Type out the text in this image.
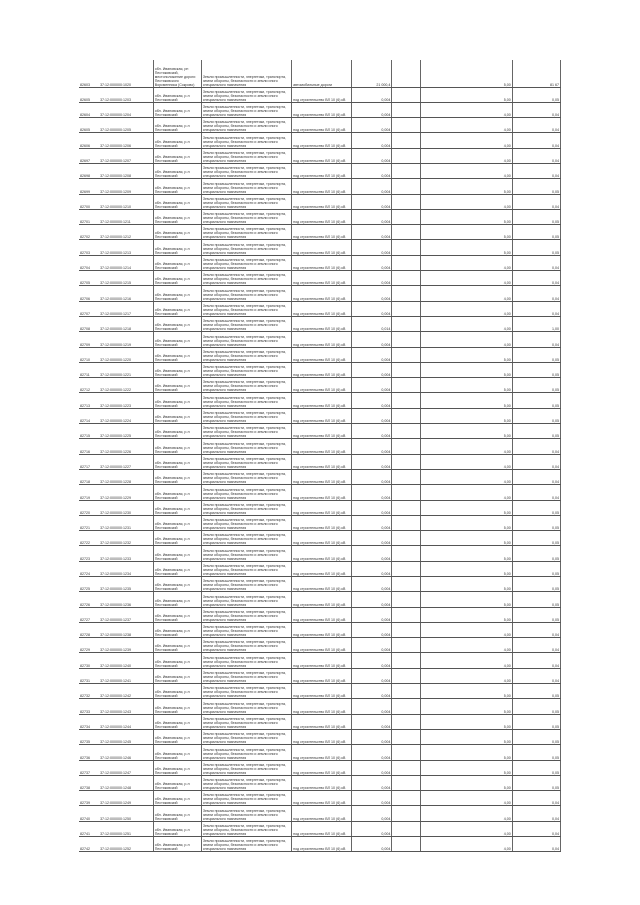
82603	37:12:000000:1020	обл. Ивановская, рн Пестяковский, местоположение дороги Пестяковского Ворсменника (Сокрово)	Земли промышленности, энергетики, транспорта, земли обороны, безопасности и земли иного специального назначения	автомобильные дороги	21 000,4		5,00	81 67
82605	37:12:000000:1203	обл. Ивановская, р-н Пестяковский	Земли промышленности, энергетики, транспорта, земли обороны, безопасности и земли иного специального назначения	под строительство ВЛ 10 (6) кВ	0,004		5,00	0,05
82604	37:12:000000:1204	обл. Ивановская, р-н Пестяковский	Земли промышленности, энергетики, транспорта, земли обороны, безопасности и земли иного специального назначения	под строительство ВЛ 10 (6) кВ	0,004		4,00	0,04
82605	37:12:000000:1205	обл. Ивановская, р-н Пестяковский	Земли промышленности, энергетики, транспорта, земли обороны, безопасности и земли иного специального назначения	под строительство ВЛ 10 (6) кВ	0,004		4,00	0,04
82606	37:12:000000:1206	обл. Ивановская, р-н Пестяковский	Земли промышленности, энергетики, транспорта, земли обороны, безопасности и земли иного специального назначения	под строительство ВЛ 10 (6) кВ	0,004		4,00	0,04
82697	37:12:000000:1207	обл. Ивановская, р-н Пестяковский	Земли промышленности, энергетики, транспорта, земли обороны, безопасности и земли иного специального назначения	под строительство ВЛ 10 (6) кВ	0,004		4,00	0,04
82698	37:12:000000:1208	обл. Ивановская, р-н Пестяковский	Земли промышленности, энергетики, транспорта, земли обороны, безопасности и земли иного специального назначения	под строительство ВЛ 10 (6) кВ	0,004		4,00	0,04
82699	37:12:000000:1209	обл. Ивановская, р-н Пестяковский	Земли промышленности, энергетики, транспорта, земли обороны, безопасности и земли иного специального назначения	под строительство ВЛ 10 (6) кВ	0,004		5,00	0,05
82700	37:12:000000:1210	обл. Ивановская, р-н Пестяковский	Земли промышленности, энергетики, транспорта, земли обороны, безопасности и земли иного специального назначения	под строительство ВЛ 10 (6) кВ	0,004		4,00	0,04
82701	37:12:000000:1211	обл. Ивановская, р-н Пестяковский	Земли промышленности, энергетики, транспорта, земли обороны, безопасности и земли иного специального назначения	под строительство ВЛ 10 (6) кВ	0,004		5,00	0,05
82702	37:12:000000:1212	обл. Ивановская, р-н Пестяковский	Земли промышленности, энергетики, транспорта, земли обороны, безопасности и земли иного специального назначения	под строительство ВЛ 10 (6) кВ	0,004		5,00	0,05
82703	37:12:000000:1213	обл. Ивановская, р-н Пестяковский	Земли промышленности, энергетики, транспорта, земли обороны, безопасности и земли иного специального назначения	под строительство ВЛ 10 (6) кВ	0,004		5,00	0,05
82704	37:12:000000:1214	обл. Ивановская, р-н Пестяковский	Земли промышленности, энергетики, транспорта, земли обороны, безопасности и земли иного специального назначения	под строительство ВЛ 10 (6) кВ	0,004		4,00	0,04
82705	37:12:000000:1215	обл. Ивановская, р-н Пестяковский	Земли промышленности, энергетики, транспорта, земли обороны, безопасности и земли иного специального назначения	под строительство ВЛ 10 (6) кВ	0,004		4,00	0,04
82706	37:12:000000:1216	обл. Ивановская, р-н Пестяковский	Земли промышленности, энергетики, транспорта, земли обороны, безопасности и земли иного специального назначения	под строительство ВЛ 10 (6) кВ	0,004		4,00	0,04
82707	37:12:000000:1217	обл. Ивановская, р-н Пестяковский	Земли промышленности, энергетики, транспорта, земли обороны, безопасности и земли иного специального назначения	под строительство ВЛ 10 (6) кВ	0,004		4,00	0,04
82708	37:12:000000:1218	обл. Ивановская, р-н Пестяковский	Земли промышленности, энергетики, транспорта, земли обороны, безопасности и земли иного специального назначения	под строительство ВЛ 10 (6) кВ	0,014		4,00	1,00
82709	37:12:000000:1219	обл. Ивановская, р-н Пестяковский	Земли промышленности, энергетики, транспорта, земли обороны, безопасности и земли иного специального назначения	под строительство ВЛ 10 (6) кВ	0,004		4,00	0,04
82710	37:12:000000:1220	обл. Ивановская, р-н Пестяковский	Земли промышленности, энергетики, транспорта, земли обороны, безопасности и земли иного специального назначения	под строительство ВЛ 10 (6) кВ	0,004		5,00	0,05
82711	37:12:000000:1221	обл. Ивановская, р-н Пестяковский	Земли промышленности, энергетики, транспорта, земли обороны, безопасности и земли иного специального назначения	под строительство ВЛ 10 (6) кВ	0,004		5,00	0,05
82712	37:12:000000:1222	обл. Ивановская, р-н Пестяковский	Земли промышленности, энергетики, транспорта, земли обороны, безопасности и земли иного специального назначения	под строительство ВЛ 10 (6) кВ	0,004		5,00	0,05
82713	37:12:000000:1223	обл. Ивановская, р-н Пестяковский	Земли промышленности, энергетики, транспорта, земли обороны, безопасности и земли иного специального назначения	под строительство ВЛ 10 (6) кВ	0,004		5,00	0,05
82714	37:12:000000:1224	обл. Ивановская, р-н Пестяковский	Земли промышленности, энергетики, транспорта, земли обороны, безопасности и земли иного специального назначения	под строительство ВЛ 10 (6) кВ	0,004		5,00	0,05
82715	37:12:000000:1225	обл. Ивановская, р-н Пестяковский	Земли промышленности, энергетики, транспорта, земли обороны, безопасности и земли иного специального назначения	под строительство ВЛ 10 (6) кВ	0,004		5,00	0,05
82716	37:12:000000:1226	обл. Ивановская, р-н Пестяковский	Земли промышленности, энергетики, транспорта, земли обороны, безопасности и земли иного специального назначения	под строительство ВЛ 10 (6) кВ	0,004		4,00	0,04
82717	37:12:000000:1227	обл. Ивановская, р-н Пестяковский	Земли промышленности, энергетики, транспорта, земли обороны, безопасности и земли иного специального назначения	под строительство ВЛ 10 (6) кВ	0,004		4,00	0,04
82718	37:12:000000:1228	обл. Ивановская, р-н Пестяковский	Земли промышленности, энергетики, транспорта, земли обороны, безопасности и земли иного специального назначения	под строительство ВЛ 10 (6) кВ	0,004		4,00	0,04
82719	37:12:000000:1229	обл. Ивановская, р-н Пестяковский	Земли промышленности, энергетики, транспорта, земли обороны, безопасности и земли иного специального назначения	под строительство ВЛ 10 (6) кВ	0,004		4,00	0,04
82720	37:12:000000:1230	обл. Ивановская, р-н Пестяковский	Земли промышленности, энергетики, транспорта, земли обороны, безопасности и земли иного специального назначения	под строительство ВЛ 10 (6) кВ	0,004		5,00	0,05
82721	37:12:000000:1231	обл. Ивановская, р-н Пестяковский	Земли промышленности, энергетики, транспорта, земли обороны, безопасности и земли иного специального назначения	под строительство ВЛ 10 (6) кВ	0,004		5,00	0,05
82722	37:12:000000:1232	обл. Ивановская, р-н Пестяковский	Земли промышленности, энергетики, транспорта, земли обороны, безопасности и земли иного специального назначения	под строительство ВЛ 10 (6) кВ	0,004		5,00	0,05
82723	37:12:000000:1233	обл. Ивановская, р-н Пестяковский	Земли промышленности, энергетики, транспорта, земли обороны, безопасности и земли иного специального назначения	под строительство ВЛ 10 (6) кВ	0,004		5,00	0,05
82724	37:12:000000:1234	обл. Ивановская, р-н Пестяковский	Земли промышленности, энергетики, транспорта, земли обороны, безопасности и земли иного специального назначения	под строительство ВЛ 10 (6) кВ	0,004		5,00	0,05
82725	37:12:000000:1235	обл. Ивановская, р-н Пестяковский	Земли промышленности, энергетики, транспорта, земли обороны, безопасности и земли иного специального назначения	под строительство ВЛ 10 (6) кВ	0,004		5,00	0,05
82726	37:12:000000:1236	обл. Ивановская, р-н Пестяковский	Земли промышленности, энергетики, транспорта, земли обороны, безопасности и земли иного специального назначения	под строительство ВЛ 10 (6) кВ	0,004		5,00	0,05
82727	37:12:000000:1237	обл. Ивановская, р-н Пестяковский	Земли промышленности, энергетики, транспорта, земли обороны, безопасности и земли иного специального назначения	под строительство ВЛ 10 (6) кВ	0,004		5,00	0,05
82728	37:12:000000:1238	обл. Ивановская, р-н Пестяковский	Земли промышленности, энергетики, транспорта, земли обороны, безопасности и земли иного специального назначения	под строительство ВЛ 10 (6) кВ	0,004		4,00	0,04
82729	37:12:000000:1239	обл. Ивановская, р-н Пестяковский	Земли промышленности, энергетики, транспорта, земли обороны, безопасности и земли иного специального назначения	под строительство ВЛ 10 (6) кВ	0,004		4,00	0,04
82730	37:12:000000:1240	обл. Ивановская, р-н Пестяковский	Земли промышленности, энергетики, транспорта, земли обороны, безопасности и земли иного специального назначения	под строительство ВЛ 10 (6) кВ	0,004		4,00	0,04
82731	37:12:000000:1241	обл. Ивановская, р-н Пестяковский	Земли промышленности, энергетики, транспорта, земли обороны, безопасности и земли иного специального назначения	под строительство ВЛ 10 (6) кВ	0,004		4,00	0,04
82732	37:12:000000:1242	обл. Ивановская, р-н Пестяковский	Земли промышленности, энергетики, транспорта, земли обороны, безопасности и земли иного специального назначения	под строительство ВЛ 10 (6) кВ	0,004		5,00	0,05
82733	37:12:000000:1243	обл. Ивановская, р-н Пестяковский	Земли промышленности, энергетики, транспорта, земли обороны, безопасности и земли иного специального назначения	под строительство ВЛ 10 (6) кВ	0,004		5,00	0,05
82734	37:12:000000:1244	обл. Ивановская, р-н Пестяковский	Земли промышленности, энергетики, транспорта, земли обороны, безопасности и земли иного специального назначения	под строительство ВЛ 10 (6) кВ	0,004		5,00	0,05
82735	37:12:000000:1245	обл. Ивановская, р-н Пестяковский	Земли промышленности, энергетики, транспорта, земли обороны, безопасности и земли иного специального назначения	под строительство ВЛ 10 (6) кВ	0,004		5,00	0,05
82736	37:12:000000:1246	обл. Ивановская, р-н Пестяковский	Земли промышленности, энергетики, транспорта, земли обороны, безопасности и земли иного специального назначения	под строительство ВЛ 10 (6) кВ	0,004		5,00	0,05
82737	37:12:000000:1247	обл. Ивановская, р-н Пестяковский	Земли промышленности, энергетики, транспорта, земли обороны, безопасности и земли иного специального назначения	под строительство ВЛ 10 (6) кВ	0,004		5,00	0,05
82738	37:12:000000:1248	обл. Ивановская, р-н Пестяковский	Земли промышленности, энергетики, транспорта, земли обороны, безопасности и земли иного специального назначения	под строительство ВЛ 10 (6) кВ	0,004		5,00	0,05
82739	37:12:000000:1249	обл. Ивановская, р-н Пестяковский	Земли промышленности, энергетики, транспорта, земли обороны, безопасности и земли иного специального назначения	под строительство ВЛ 10 (6) кВ	0,004		4,00	0,04
82740	37:12:000000:1250	обл. Ивановская, р-н Пестяковский	Земли промышленности, энергетики, транспорта, земли обороны, безопасности и земли иного специального назначения	под строительство ВЛ 10 (6) кВ	0,004		4,00	0,04
82741	37:12:000000:1251	обл. Ивановская, р-н Пестяковский	Земли промышленности, энергетики, транспорта, земли обороны, безопасности и земли иного специального назначения	под строительство ВЛ 10 (6) кВ	0,004		4,00	0,04
82742	37:12:000000:1252	обл. Ивановская, р-н Пестяковский	Земли промышленности, энергетики, транспорта, земли обороны, безопасности и земли иного специального назначения	под строительство ВЛ 10 (6) кВ	0,004		4,00	0,04
